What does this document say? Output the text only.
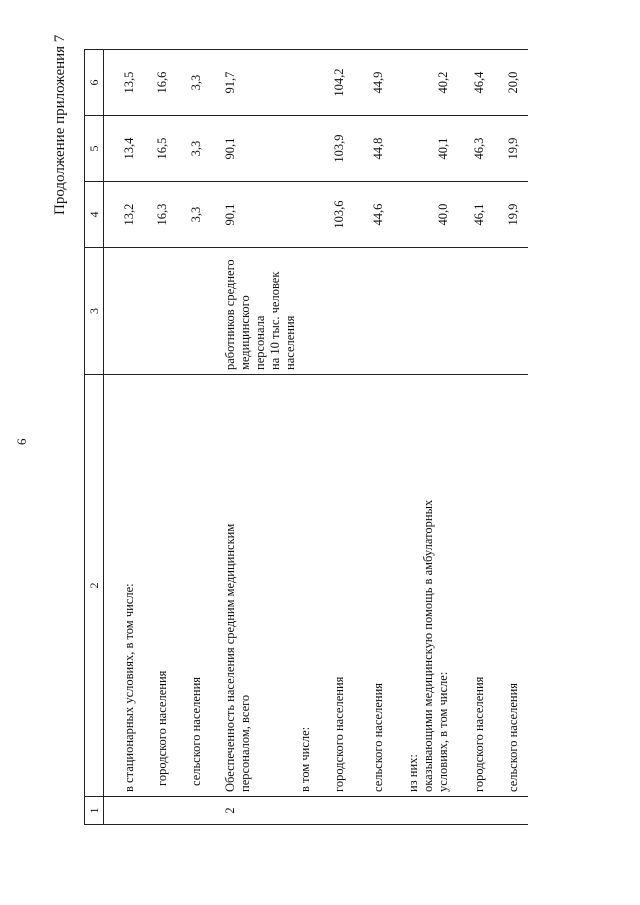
6
Продолжение приложения 7
1	2	3	4	5	6
	в стационарных условиях, в том числе:		13,2	13,4	13,5
	городского населения		16,3	16,5	16,6
	сельского населения		3,3	3,3	3,3
2	Обеспеченность населения средним медицинским персоналом, всего	работников среднего медицинского персонала на 10 тыс. человек населения	90,1	90,1	91,7
	в том числе:				
	городского населения		103,6	103,9	104,2
	сельского населения		44,6	44,8	44,9

	из них: оказывающими медицинскую помощь в амбулаторных условиях, в том числе:		40,0	40,1	40,2
	городского населения		46,1	46,3	46,4
	сельского населения		19,9	19,9	20,0
